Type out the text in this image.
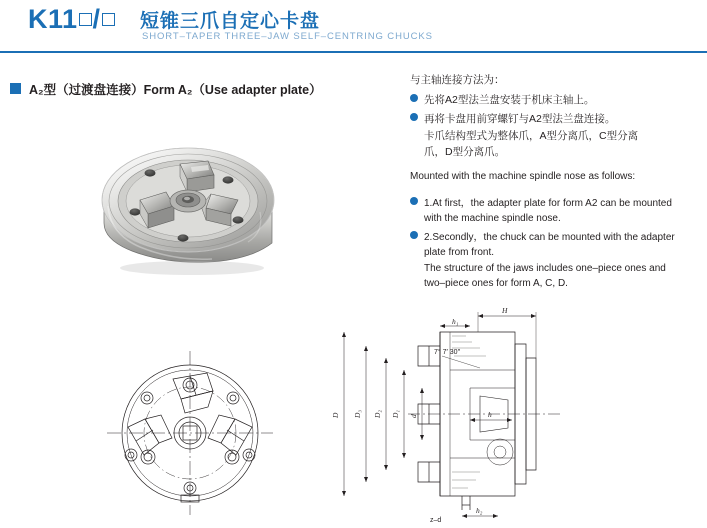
K11 /	短锥三爪自定心卡盘
SHORT–TAPER THREE–JAW SELF–CENTRING CHUCKS
A₂型（过渡盘连接）Form A₂（Use adapter plate）
与主轴连接方法为：
先将A2型法兰盘安装于机床主轴上。
再将卡盘用前穿螺钉与A2型法兰盘连接。
卡爪结构型式为整体爪，A型分离爪，C型分离
爪，D型分离爪。
Mounted with the machine spindle nose as follows:
1.At first，the adapter plate for form A2 can be mounted
with the machine spindle nose.
2.Secondly，the chuck can be mounted with the adapter
plate from front.
The structure of the jaws includes one–piece ones and
two–piece ones for form A, C, D.
H
h₁
h
h₂
D D₃ D₂ D₁ d
z–d
7° 7′ 30″
